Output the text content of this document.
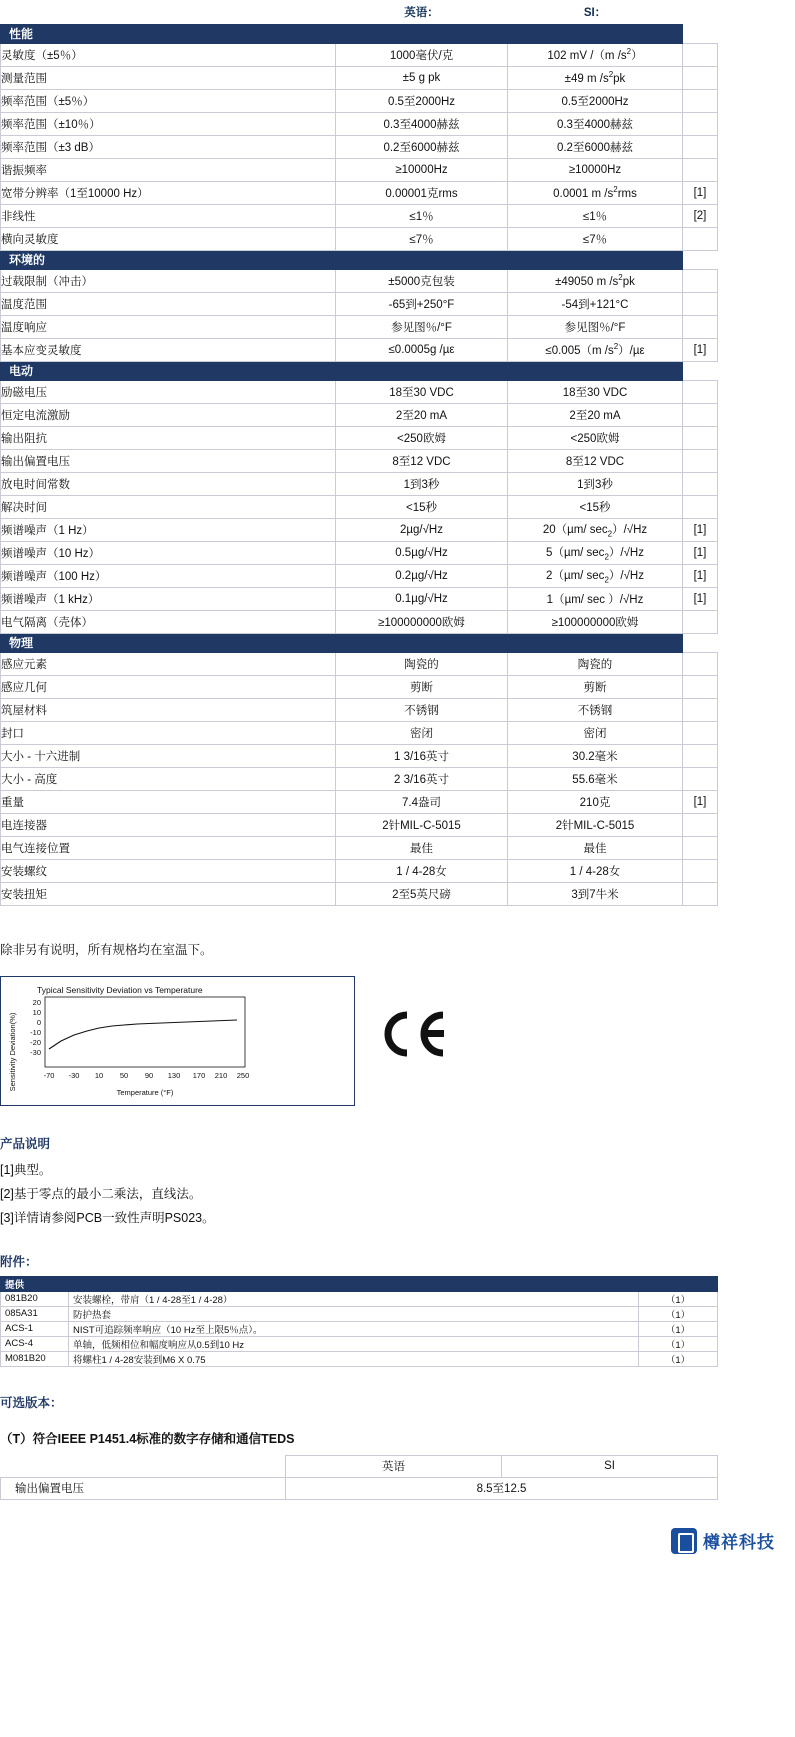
	英语：	SI：	
性能			
灵敏度（±5％）	1000毫伏/克	102 mV /（m $/s^2$）	
测量范围	±5 g pk	±49 m $/s^2pk$	
频率范围（±5％）	0.5至2000Hz	0.5至2000Hz	
频率范围（±10％）	0.3至4000赫兹	0.3至4000赫兹	
频率范围（±3 dB）	0.2至6000赫兹	0.2至6000赫兹	
谐振频率	≥10000Hz	≥10000Hz	
宽带分辨率（1至10000 Hz）	0.00001克rms	0.0001 m $/s^2rms$	[1]
非线性	≤1％	≤1％	[2]
横向灵敏度	≤7％	≤7％	
环境的			
过载限制（冲击）	±5000克包装	±49050 m $/s^2pk$	
温度范围	-65到+250°F	-54到+121°C	
温度响应	参见图％/°F	参见图％/°F	
基本应变灵敏度	≤0.0005g /µε	≤0.005（m $/s^2)/\mu\varepsilon$	[1]
电动			
励磁电压	18至30 VDC	18至30 VDC	
恒定电流激励	2至20 mA	2至20 mA	
输出阻抗	<250欧姆	<250欧姆	
输出偏置电压	8至12 VDC	8至12 VDC	
放电时间常数	1到3秒	1到3秒	
解决时间	<15秒	<15秒	
频谱噪声（1 Hz）	2µg/√Hz	20（µm/ $\sec_2)/√Hz$	[1]
频谱噪声（10 Hz）	0.5µg/√Hz	5（µm/ $\sec_2)/√Hz$	[1]
频谱噪声（100 Hz）	0.2µg/√Hz	2（µm/ $\sec_2)/√Hz$	[1]
频谱噪声（1 kHz）	0.1µg/√Hz	1（µm/ sec ）/√Hz	[1]
电气隔离（壳体）	≥100000000欧姆	≥100000000欧姆	
物理			
感应元素	陶瓷的	陶瓷的	
感应几何	剪断	剪断	
筑屋材料	不锈钢	不锈钢	
封口	密闭	密闭	
大小 - 十六进制	1 3/16英寸	30.2毫米	
大小 - 高度	2 3/16英寸	55.6毫米	
重量	7.4盎司	210克	[1]
电连接器	2针MIL-C-5015	2针MIL-C-5015	
电气连接位置	最佳	最佳	
安装螺纹	1 / 4-28女	1 / 4-28女	
安装扭矩	2至5英尺磅	3到7牛米	
除非另有说明，所有规格均在室温下。
Typical Sensitivity Deviation vs Temperature
Sensitivity Deviation(%)
20
10
0
-10
-20
-30
-70 -30 10 50 90 130 170 210 250
Temperature (°F)
产品说明
[1]典型。
[2]基于零点的最小二乘法，直线法。
[3]详情请参阅PCB一致性声明PS023。
附件：
提供		
081B20	安装螺栓，带肩（1 / 4-28至1 / 4-28）	（1）
085A31	防护热套	（1）
ACS-1	NIST可追踪频率响应（10 Hz至上限5％点）。	（1）
ACS-4	单轴，低频相位和幅度响应从0.5到10 Hz	（1）
M081B20	将螺柱1 / 4-28安装到M6 X 0.75	（1）
可选版本：
（T）符合IEEE P1451.4标准的数字存储和通信TEDS
	英语	SI
输出偏置电压	8.5至12.5	
樽祥科技
